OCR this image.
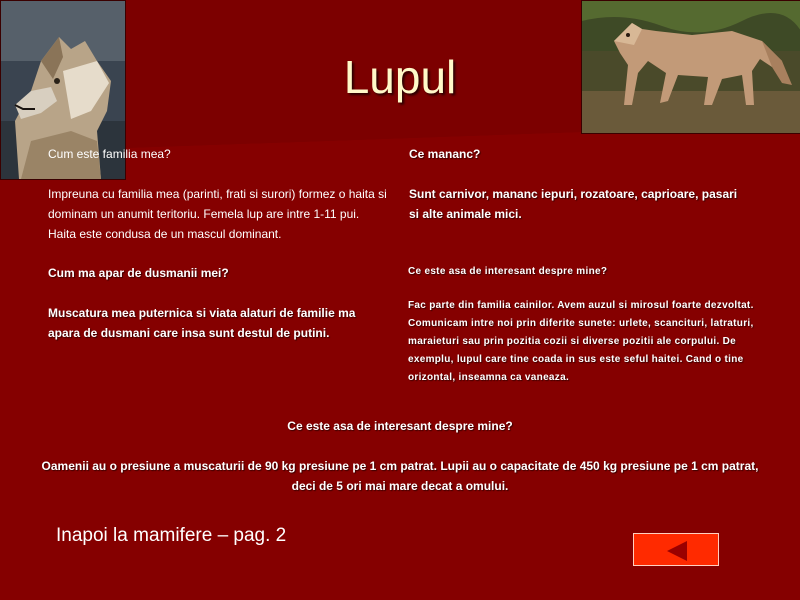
Lupul

Cum este familia mea?

Impreuna cu familia mea (parinti, frati si surori) formez o haita si dominam un anumit teritoriu. Femela lup are intre 1-11 pui. Haita este condusa de un mascul dominant.

Ce mananc?

Sunt carnivor, mananc iepuri, rozatoare, caprioare, pasari si alte animale mici.

Cum ma apar de dusmanii mei?

Muscatura mea puternica si viata alaturi de familie ma apara de dusmani care insa sunt destul de putini.

Ce este asa de interesant despre mine?

Fac parte din familia cainilor. Avem auzul si mirosul foarte dezvoltat. Comunicam intre noi prin diferite sunete: urlete, scancituri, latraturi, maraieturi sau prin pozitia cozii si diverse pozitii ale corpului. De exemplu, lupul care tine coada in sus este seful haitei. Cand o tine orizontal, inseamna ca vaneaza.

Ce este asa de interesant despre mine?

Oamenii au o presiune a muscaturii de 90 kg presiune pe 1 cm patrat. Lupii au o capacitate de 450 kg presiune pe 1 cm patrat, deci de 5 ori mai mare decat a omului.

Inapoi la mamifere – pag. 2
